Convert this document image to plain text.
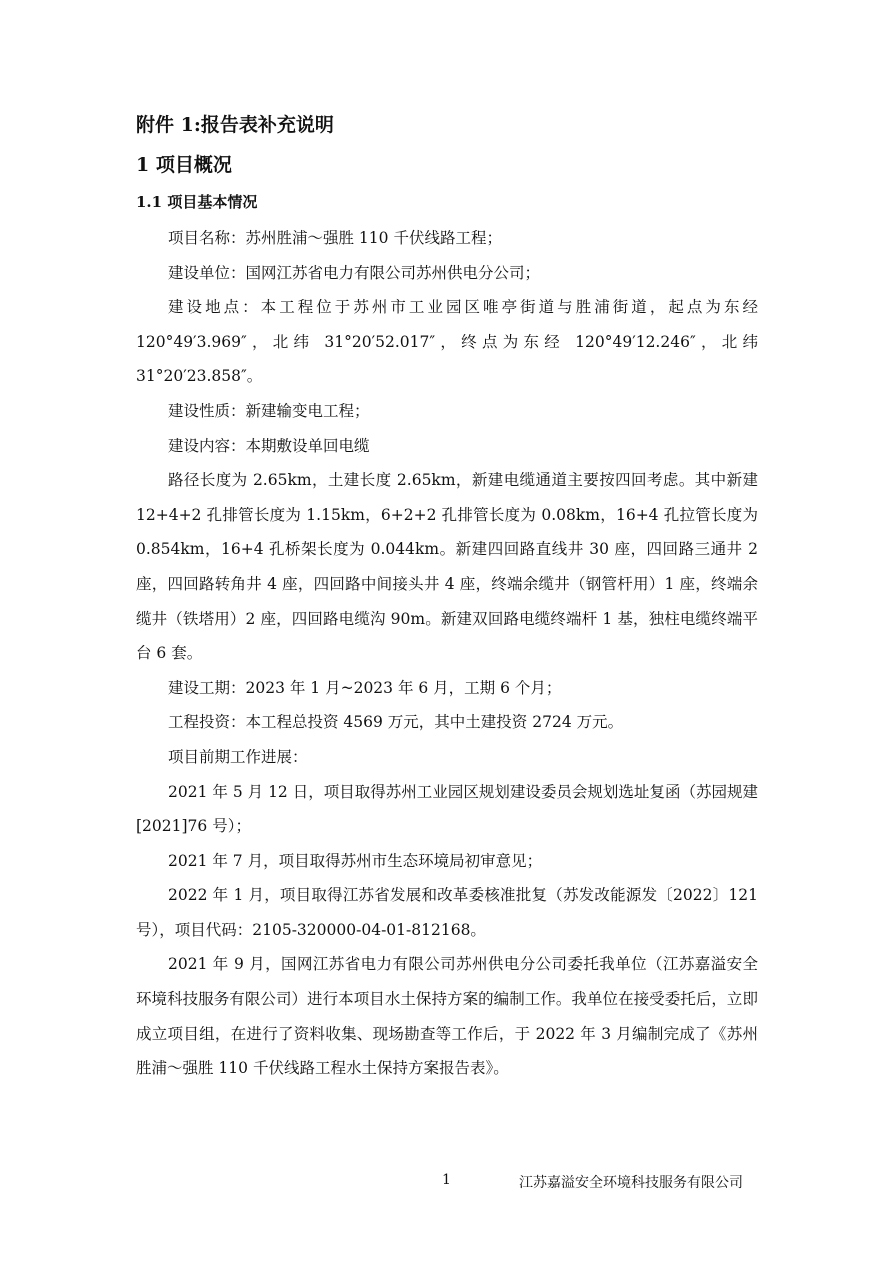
附件 1:报告表补充说明
1 项目概况
1.1 项目基本情况

项目名称：苏州胜浦～强胜 110 千伏线路工程；

建设单位：国网江苏省电力有限公司苏州供电分公司；

建设地点：本工程位于苏州市工业园区唯亭街道与胜浦街道，起点为东经 120°49′3.969″，北纬 31°20′52.017″，终点为东经 120°49′12.246″，北纬 31°20′23.858″。

建设性质：新建输变电工程；

建设内容：本期敷设单回电缆

路径长度为 2.65km，土建长度 2.65km，新建电缆通道主要按四回考虑。其中新建 12+4+2 孔排管长度为 1.15km，6+2+2 孔排管长度为 0.08km，16+4 孔拉管长度为 0.854km，16+4 孔桥架长度为 0.044km。新建四回路直线井 30 座，四回路三通井 2 座，四回路转角井 4 座，四回路中间接头井 4 座，终端余缆井（钢管杆用）1 座，终端余缆井（铁塔用）2 座，四回路电缆沟 90m。新建双回路电缆终端杆 1 基，独柱电缆终端平台 6 套。

建设工期：2023 年 1 月~2023 年 6 月，工期 6 个月；

工程投资：本工程总投资 4569 万元，其中土建投资 2724 万元。

项目前期工作进展：

2021 年 5 月 12 日，项目取得苏州工业园区规划建设委员会规划选址复函（苏园规建[2021]76 号）；

2021 年 7 月，项目取得苏州市生态环境局初审意见；

2022 年 1 月，项目取得江苏省发展和改革委核准批复（苏发改能源发〔2022〕121 号），项目代码：2105-320000-04-01-812168。

2021 年 9 月，国网江苏省电力有限公司苏州供电分公司委托我单位（江苏嘉溢安全环境科技服务有限公司）进行本项目水土保持方案的编制工作。我单位在接受委托后，立即成立项目组，在进行了资料收集、现场勘查等工作后，于 2022 年 3 月编制完成了《苏州胜浦～强胜 110 千伏线路工程水土保持方案报告表》。

1	江苏嘉溢安全环境科技服务有限公司
